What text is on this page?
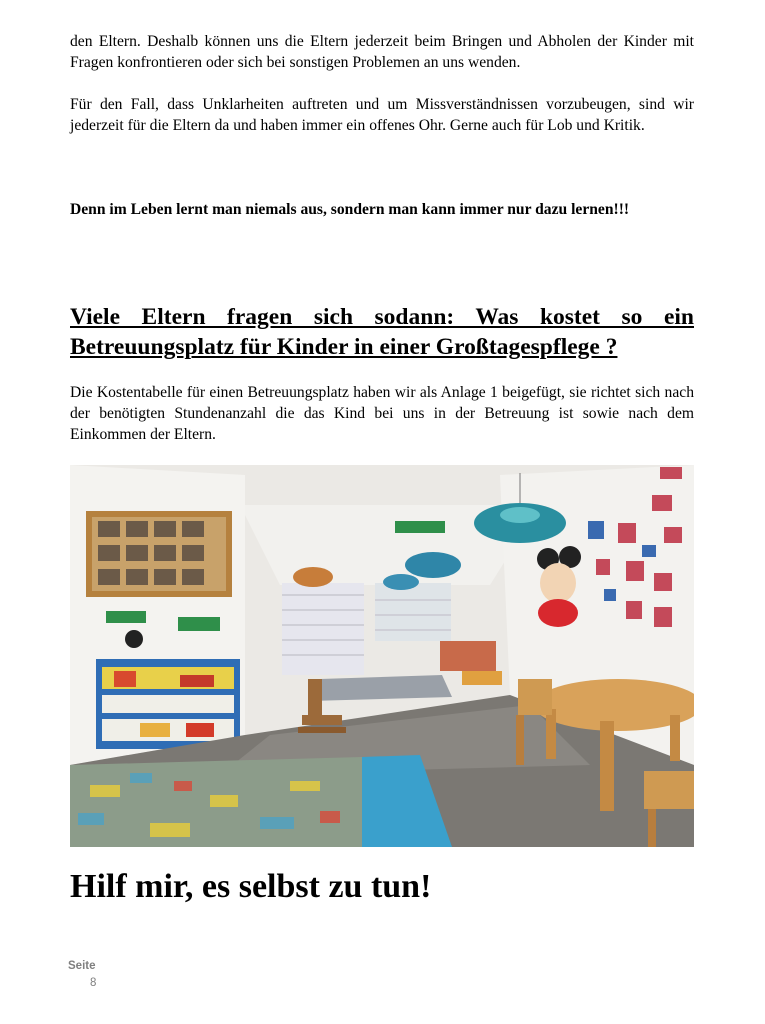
den Eltern. Deshalb können uns die Eltern jederzeit beim Bringen und Abholen der Kinder mit Fragen konfrontieren oder sich bei sonstigen Problemen an uns wenden.

Für den Fall, dass Unklarheiten auftreten und um Missverständnissen vorzubeugen, sind wir jederzeit für die Eltern da und haben immer ein offenes Ohr. Gerne auch für Lob und Kritik.

Denn im Leben lernt man niemals aus, sondern man kann immer nur dazu lernen!!!

Viele Eltern fragen sich sodann: Was kostet so ein Betreuungsplatz für Kinder in einer Großtagespflege ?

Die Kostentabelle für einen Betreuungsplatz haben wir als Anlage 1 beigefügt, sie richtet sich nach der benötigten Stundenanzahl die das Kind bei uns in der Betreuung ist sowie nach dem Einkommen der Eltern.

Hilf mir, es selbst zu tun!
Seite
8
